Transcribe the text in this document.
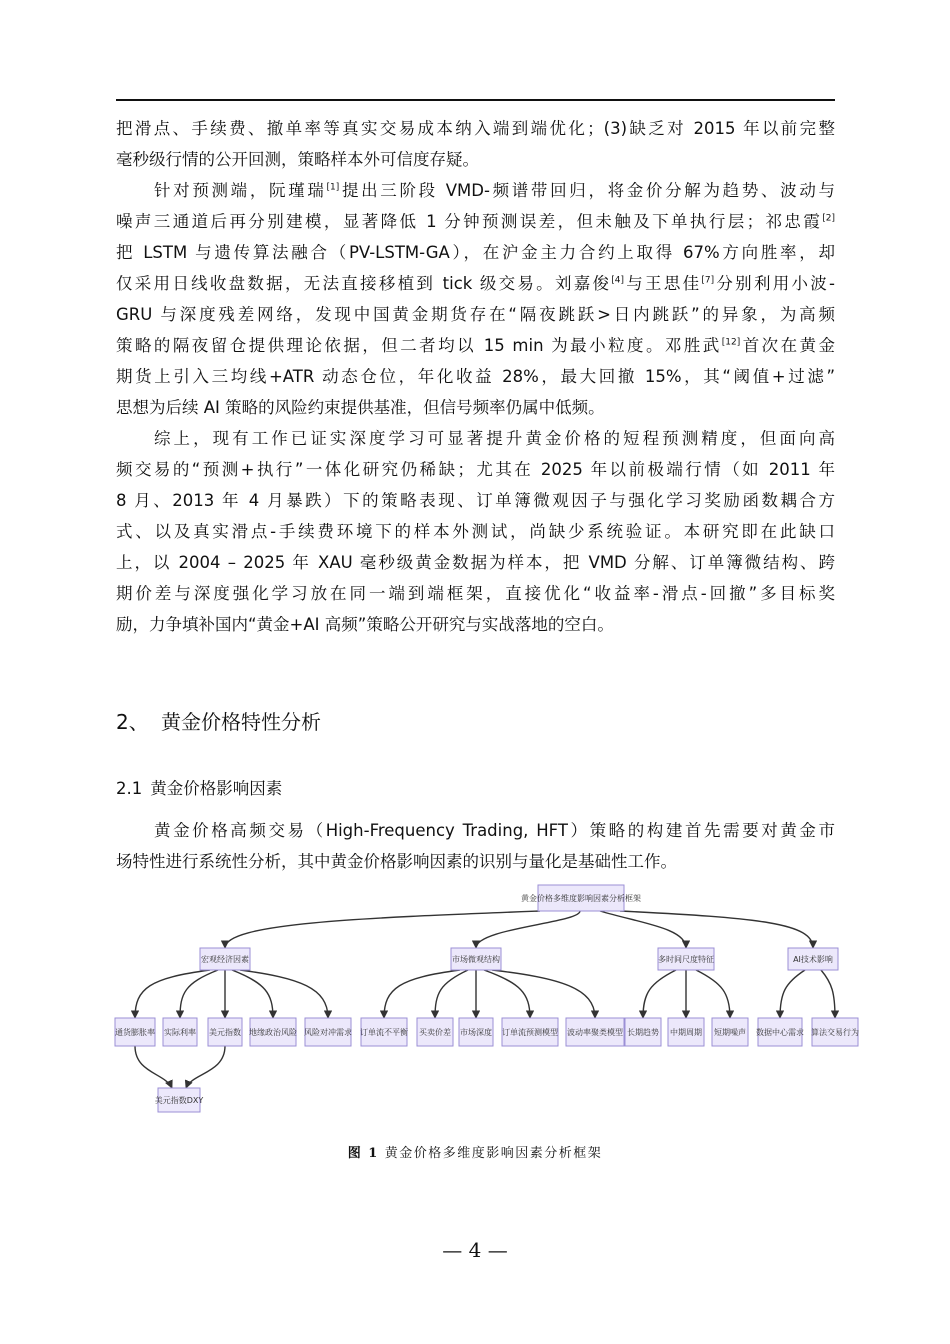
把滑点、手续费、撤单率等真实交易成本纳入端到端优化；(3)缺乏对 2015 年以前完整
毫秒级行情的公开回测，策略样本外可信度存疑。
针对预测端，阮瑾瑞[1]提出三阶段 VMD-频谱带回归，将金价分解为趋势、波动与
噪声三通道后再分别建模，显著降低 1 分钟预测误差，但未触及下单执行层；祁忠霞[2]
把 LSTM 与遗传算法融合（PV-LSTM-GA），在沪金主力合约上取得 67%方向胜率，却
仅采用日线收盘数据，无法直接移植到 tick 级交易。刘嘉俊[4]与王思佳[7]分别利用小波-
GRU 与深度残差网络，发现中国黄金期货存在“隔夜跳跃>日内跳跃”的异象，为高频
策略的隔夜留仓提供理论依据，但二者均以 15 min 为最小粒度。邓胜武[12]首次在黄金
期货上引入三均线+ATR 动态仓位，年化收益 28%，最大回撤 15%，其“阈值+过滤”
思想为后续 AI 策略的风险约束提供基准，但信号频率仍属中低频。
综上，现有工作已证实深度学习可显著提升黄金价格的短程预测精度，但面向高
频交易的“预测+执行”一体化研究仍稀缺；尤其在 2025 年以前极端行情（如 2011 年
8 月、2013 年 4 月暴跌）下的策略表现、订单簿微观因子与强化学习奖励函数耦合方
式、以及真实滑点-手续费环境下的样本外测试，尚缺少系统验证。本研究即在此缺口
上，以 2004 – 2025 年 XAU 毫秒级黄金数据为样本，把 VMD 分解、订单簿微结构、跨
期价差与深度强化学习放在同一端到端框架，直接优化“收益率-滑点-回撤”多目标奖
励，力争填补国内“黄金+AI 高频”策略公开研究与实战落地的空白。
2、 黄金价格特性分析
2.1 黄金价格影响因素
黄金价格高频交易（High-Frequency Trading, HFT）策略的构建首先需要对黄金市
场特性进行系统性分析，其中黄金价格影响因素的识别与量化是基础性工作。
黄金价格多维度影响因素分析框架
宏观经济因素	市场微观结构	多时间尺度特征	AI技术影响
通货膨胀率 实际利率 美元指数 地缘政治风险 风险对冲需求 订单流不平衡 买卖价差 市场深度 订单流预测模型 波动率聚类模型 长期趋势 中期周期 短期噪声 数据中心需求 算法交易行为
美元指数DXY

图 1 黄金价格多维度影响因素分析框架

— 4 —
